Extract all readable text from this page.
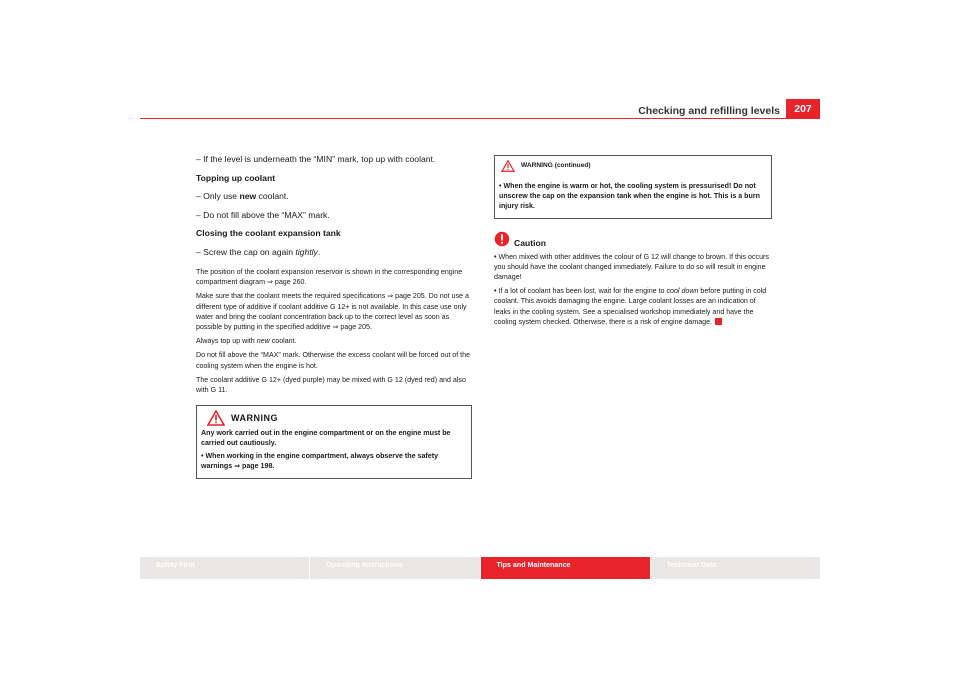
Checking and refilling levels	207

– If the level is underneath the “MIN” mark, top up with coolant.

Topping up coolant

– Only use new coolant.

– Do not fill above the “MAX” mark.

Closing the coolant expansion tank

– Screw the cap on again tightly.

The position of the coolant expansion reservoir is shown in the corresponding engine compartment diagram ⇒ page 260.

Make sure that the coolant meets the required specifications ⇒ page 205. Do not use a different type of additive if coolant additive G 12+ is not available. In this case use only water and bring the coolant concentration back up to the correct level as soon as possible by putting in the specified additive ⇒ page 205.

Always top up with new coolant.

Do not fill above the “MAX” mark. Otherwise the excess coolant will be forced out of the cooling system when the engine is hot.

The coolant additive G 12+ (dyed purple) may be mixed with G 12 (dyed red) and also with G 11.

WARNING

Any work carried out in the engine compartment or on the engine must be carried out cautiously.

• When working in the engine compartment, always observe the safety warnings ⇒ page 198.

WARNING (continued)

• When the engine is warm or hot, the cooling system is pressurised! Do not unscrew the cap on the expansion tank when the engine is hot. This is a burn injury risk.

Caution

• When mixed with other additives the colour of G 12 will change to brown. If this occurs you should have the coolant changed immediately. Failure to do so will result in engine damage!

• If a lot of coolant has been lost, wait for the engine to cool down before putting in cold coolant. This avoids damaging the engine. Large coolant losses are an indication of leaks in the cooling system. See a specialised workshop immediately and have the cooling system checked. Otherwise, there is a risk of engine damage.

Safety First	Operating instructions	Tips and Maintenance	Technical Data
